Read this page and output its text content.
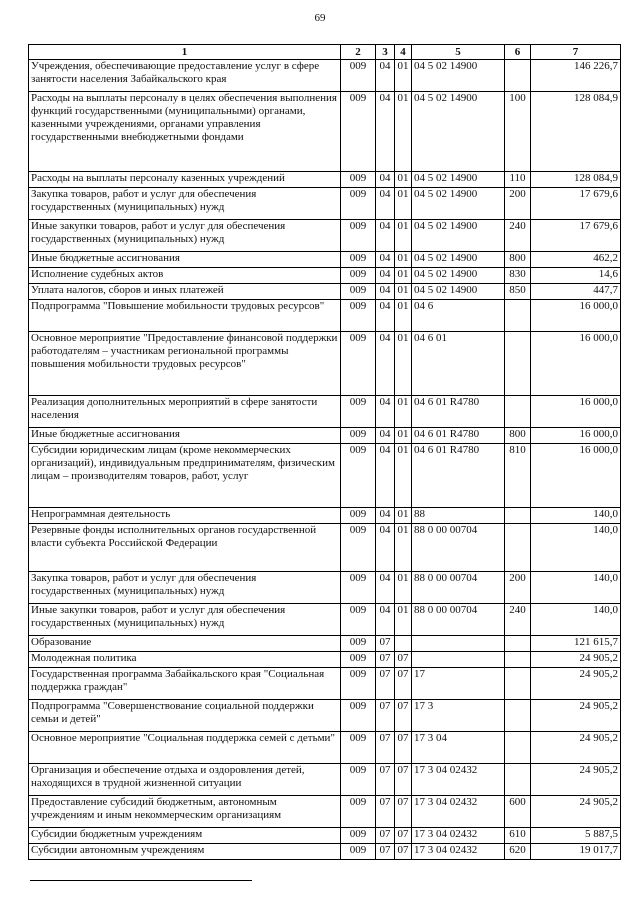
69
1	2	3	4	5	6	7
Учреждения, обеспечивающие предоставление услуг в сфере занятости населения Забайкальского края	009	04	01	04 5 02 14900		146 226,7
Расходы на выплаты персоналу в целях обеспечения выполнения функций государственными (муниципальными) органами, казенными учреждениями, органами управления государственными внебюджетными фондами	009	04	01	04 5 02 14900	100	128 084,9
Расходы на выплаты персоналу казенных учреждений	009	04	01	04 5 02 14900	110	128 084,9
Закупка товаров, работ и услуг для обеспечения государственных (муниципальных) нужд	009	04	01	04 5 02 14900	200	17 679,6
Иные закупки товаров, работ и услуг для обеспечения государственных (муниципальных) нужд	009	04	01	04 5 02 14900	240	17 679,6
Иные бюджетные ассигнования	009	04	01	04 5 02 14900	800	462,2
Исполнение судебных актов	009	04	01	04 5 02 14900	830	14,6
Уплата налогов, сборов и иных платежей	009	04	01	04 5 02 14900	850	447,7
Подпрограмма "Повышение мобильности трудовых ресурсов"	009	04	01	04 6		16 000,0
Основное мероприятие "Предоставление финансовой поддержки работодателям – участникам региональной программы повышения мобильности трудовых ресурсов"	009	04	01	04 6 01		16 000,0
Реализация дополнительных мероприятий в сфере занятости населения	009	04	01	04 6 01 R4780		16 000,0
Иные бюджетные ассигнования	009	04	01	04 6 01 R4780	800	16 000,0
Субсидии юридическим лицам (кроме некоммерческих организаций), индивидуальным предпринимателям, физическим лицам – производителям товаров, работ, услуг	009	04	01	04 6 01 R4780	810	16 000,0
Непрограммная деятельность	009	04	01	88		140,0
Резервные фонды исполнительных органов государственной власти субъекта Российской Федерации	009	04	01	88 0 00 00704		140,0
Закупка товаров, работ и услуг для обеспечения государственных (муниципальных) нужд	009	04	01	88 0 00 00704	200	140,0
Иные закупки товаров, работ и услуг для обеспечения государственных (муниципальных) нужд	009	04	01	88 0 00 00704	240	140,0
Образование	009	07				121 615,7
Молодежная политика	009	07	07			24 905,2
Государственная программа Забайкальского края "Социальная поддержка граждан"	009	07	07	17		24 905,2
Подпрограмма "Совершенствование социальной поддержки семьи и детей"	009	07	07	17 3		24 905,2
Основное мероприятие "Социальная поддержка семей с детьми"	009	07	07	17 3 04		24 905,2
Организация и обеспечение отдыха и оздоровления детей, находящихся в трудной жизненной ситуации	009	07	07	17 3 04 02432		24 905,2
Предоставление субсидий бюджетным, автономным учреждениям и иным некоммерческим организациям	009	07	07	17 3 04 02432	600	24 905,2
Субсидии бюджетным учреждениям	009	07	07	17 3 04 02432	610	5 887,5
Субсидии автономным учреждениям	009	07	07	17 3 04 02432	620	19 017,7
